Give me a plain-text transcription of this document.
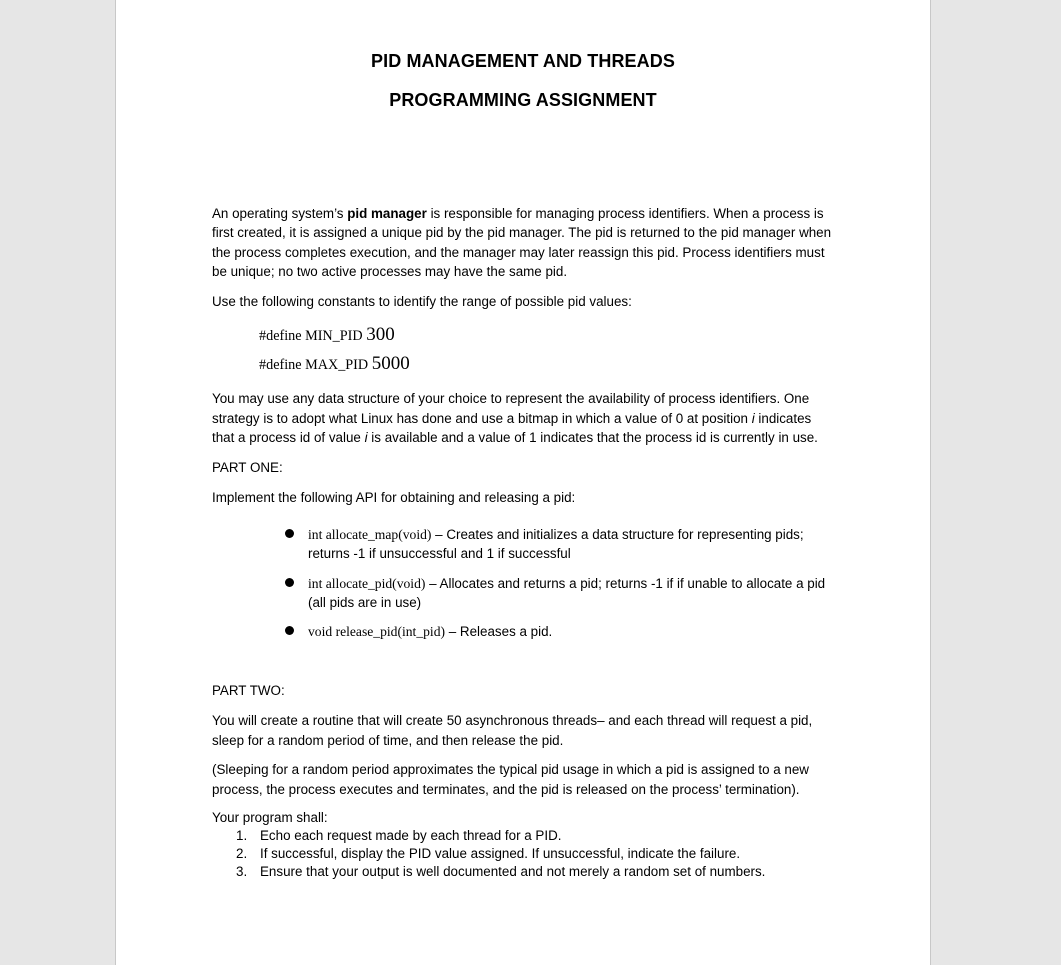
PID MANAGEMENT AND THREADS
PROGRAMMING ASSIGNMENT

An operating system’s pid manager is responsible for managing process identifiers. When a process is first created, it is assigned a unique pid by the pid manager. The pid is returned to the pid manager when the process completes execution, and the manager may later reassign this pid. Process identifiers must be unique; no two active processes may have the same pid.

Use the following constants to identify the range of possible pid values:

#define MIN_PID 300
#define MAX_PID 5000

You may use any data structure of your choice to represent the availability of process identifiers. One strategy is to adopt what Linux has done and use a bitmap in which a value of 0 at position i indicates that a process id of value i is available and a value of 1 indicates that the process id is currently in use.

PART ONE:

Implement the following API for obtaining and releasing a pid:

int allocate_map(void) – Creates and initializes a data structure for representing pids; returns -1 if unsuccessful and 1 if successful
int allocate_pid(void) – Allocates and returns a pid; returns -1 if if unable to allocate a pid (all pids are in use)
void release_pid(int_pid) – Releases a pid.

PART TWO:

You will create a routine that will create 50 asynchronous threads– and each thread will request a pid, sleep for a random period of time, and then release the pid.

(Sleeping for a random period approximates the typical pid usage in which a pid is assigned to a new process, the process executes and terminates, and the pid is released on the process’ termination).

Your program shall:
1. Echo each request made by each thread for a PID.
2. If successful, display the PID value assigned. If unsuccessful, indicate the failure.
3. Ensure that your output is well documented and not merely a random set of numbers.
